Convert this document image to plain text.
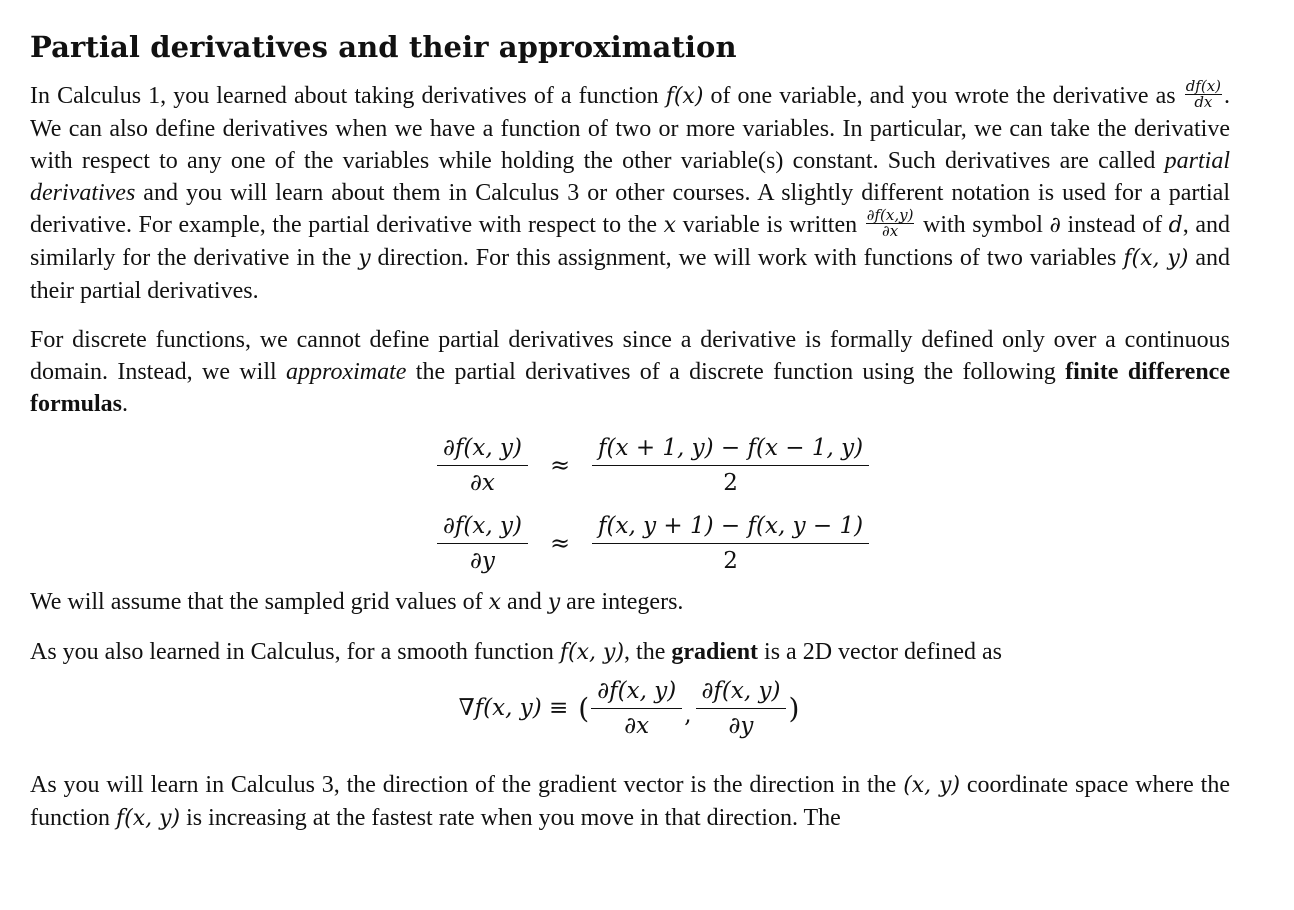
Partial derivatives and their approximation

In Calculus 1, you learned about taking derivatives of a function f(x) of one variable, and you wrote the derivative as $\frac{df(x)}{dx}$ . We can also define derivatives when we have a function of two or more variables. In particular, we can take the derivative with respect to any one of the variables while holding the other variable(s) constant. Such derivatives are called partial derivatives and you will learn about them in Calculus 3 or other courses. A slightly different notation is used for a partial derivative. For example, the partial derivative with respect to the x variable is written $\frac{\partial f(x,y)}{\partial x}$ with symbol ∂ instead of d, and similarly for the derivative in the y direction. For this assignment, we will work with functions of two variables f(x, y) and their partial derivatives.

For discrete functions, we cannot define partial derivatives since a derivative is formally defined only over a continuous domain. Instead, we will approximate the partial derivatives of a discrete function using the following finite difference formulas.

$\frac{\partial f(x, y)}{\partial x} \approx \frac{f(x + 1, y) - f(x - 1, y)}{2}$
$\frac{\partial f(x, y)}{\partial y} \approx \frac{f(x, y + 1) - f(x, y - 1)}{2}$

We will assume that the sampled grid values of x and y are integers.

As you also learned in Calculus, for a smooth function f(x, y), the gradient is a 2D vector defined as

∇f(x, y) ≡ ( $\frac{\partial f(x, y)}{\partial x}$ , $\frac{\partial f(x, y)}{\partial y}$ )

As you will learn in Calculus 3, the direction of the gradient vector is the direction in the (x, y) coordinate space where the function f(x, y) is increasing at the fastest rate when you move in that direction. The
